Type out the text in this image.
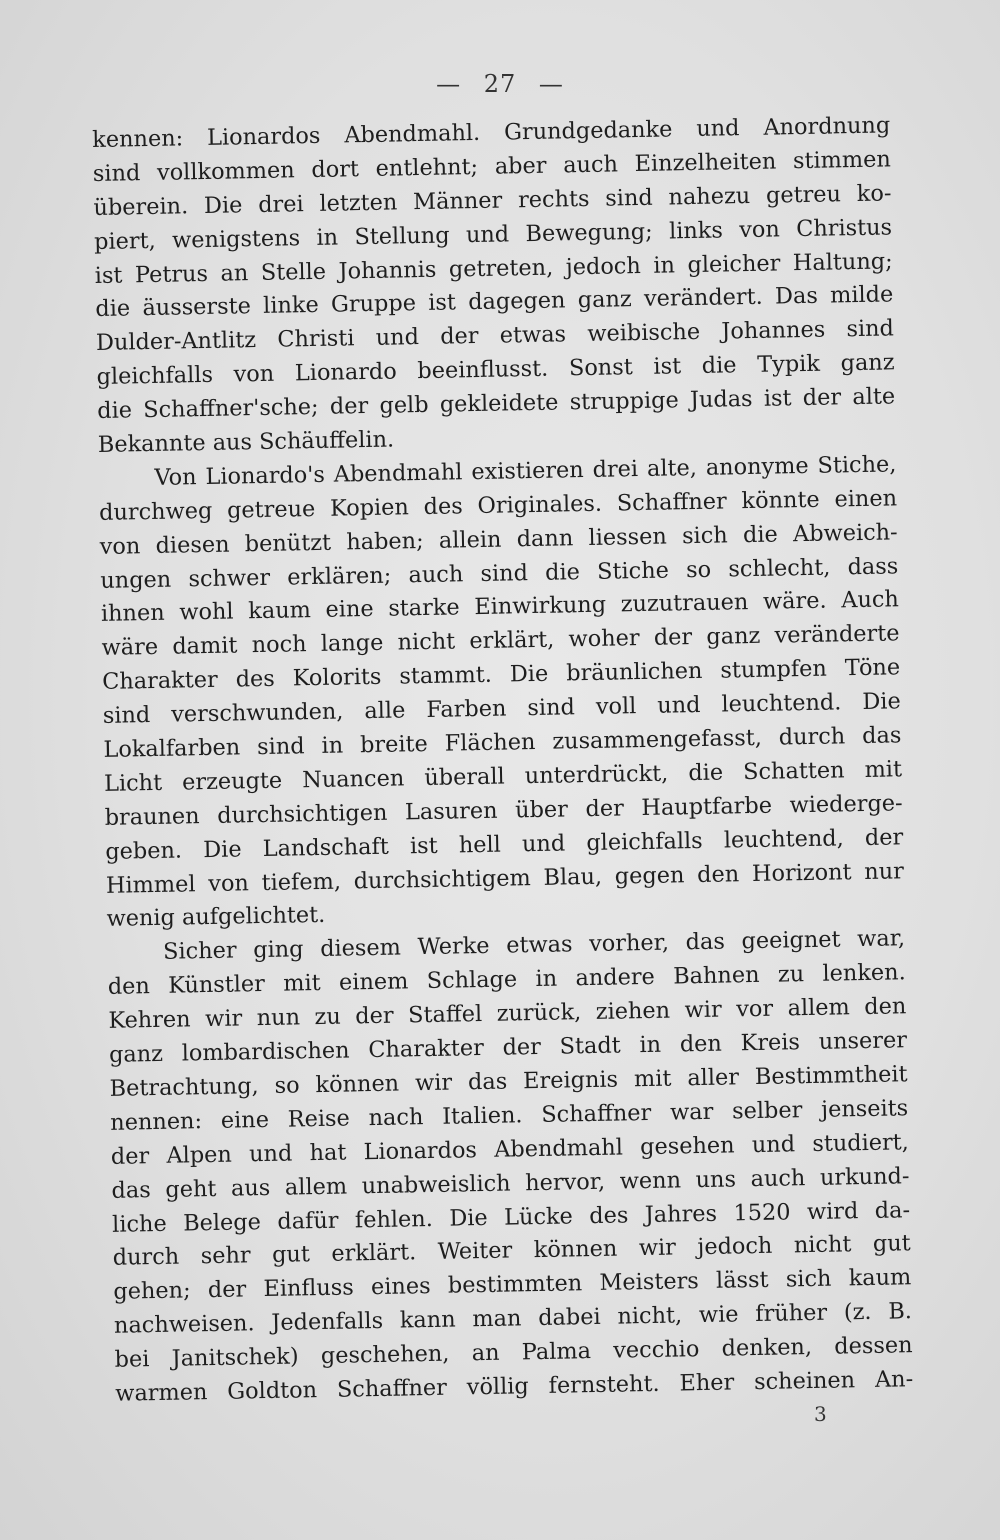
— 27 —
kennen: Lionardos Abendmahl. Grundgedanke und Anordnung
sind vollkommen dort entlehnt; aber auch Einzelheiten stimmen
überein. Die drei letzten Männer rechts sind nahezu getreu ko-
piert, wenigstens in Stellung und Bewegung; links von Christus
ist Petrus an Stelle Johannis getreten, jedoch in gleicher Haltung;
die äusserste linke Gruppe ist dagegen ganz verändert. Das milde
Dulder-Antlitz Christi und der etwas weibische Johannes sind
gleichfalls von Lionardo beeinflusst. Sonst ist die Typik ganz
die Schaffner'sche; der gelb gekleidete struppige Judas ist der alte
Bekannte aus Schäuffelin.
Von Lionardo's Abendmahl existieren drei alte, anonyme Stiche,
durchweg getreue Kopien des Originales. Schaffner könnte einen
von diesen benützt haben; allein dann liessen sich die Abweich-
ungen schwer erklären; auch sind die Stiche so schlecht, dass
ihnen wohl kaum eine starke Einwirkung zuzutrauen wäre. Auch
wäre damit noch lange nicht erklärt, woher der ganz veränderte
Charakter des Kolorits stammt. Die bräunlichen stumpfen Töne
sind verschwunden, alle Farben sind voll und leuchtend. Die
Lokalfarben sind in breite Flächen zusammengefasst, durch das
Licht erzeugte Nuancen überall unterdrückt, die Schatten mit
braunen durchsichtigen Lasuren über der Hauptfarbe wiederge-
geben. Die Landschaft ist hell und gleichfalls leuchtend, der
Himmel von tiefem, durchsichtigem Blau, gegen den Horizont nur
wenig aufgelichtet.
Sicher ging diesem Werke etwas vorher, das geeignet war,
den Künstler mit einem Schlage in andere Bahnen zu lenken.
Kehren wir nun zu der Staffel zurück, ziehen wir vor allem den
ganz lombardischen Charakter der Stadt in den Kreis unserer
Betrachtung, so können wir das Ereignis mit aller Bestimmtheit
nennen: eine Reise nach Italien. Schaffner war selber jenseits
der Alpen und hat Lionardos Abendmahl gesehen und studiert,
das geht aus allem unabweislich hervor, wenn uns auch urkund-
liche Belege dafür fehlen. Die Lücke des Jahres 1520 wird da-
durch sehr gut erklärt. Weiter können wir jedoch nicht gut
gehen; der Einfluss eines bestimmten Meisters lässt sich kaum
nachweisen. Jedenfalls kann man dabei nicht, wie früher (z. B.
bei Janitschek) geschehen, an Palma vecchio denken, dessen
warmen Goldton Schaffner völlig fernsteht. Eher scheinen An-
3
